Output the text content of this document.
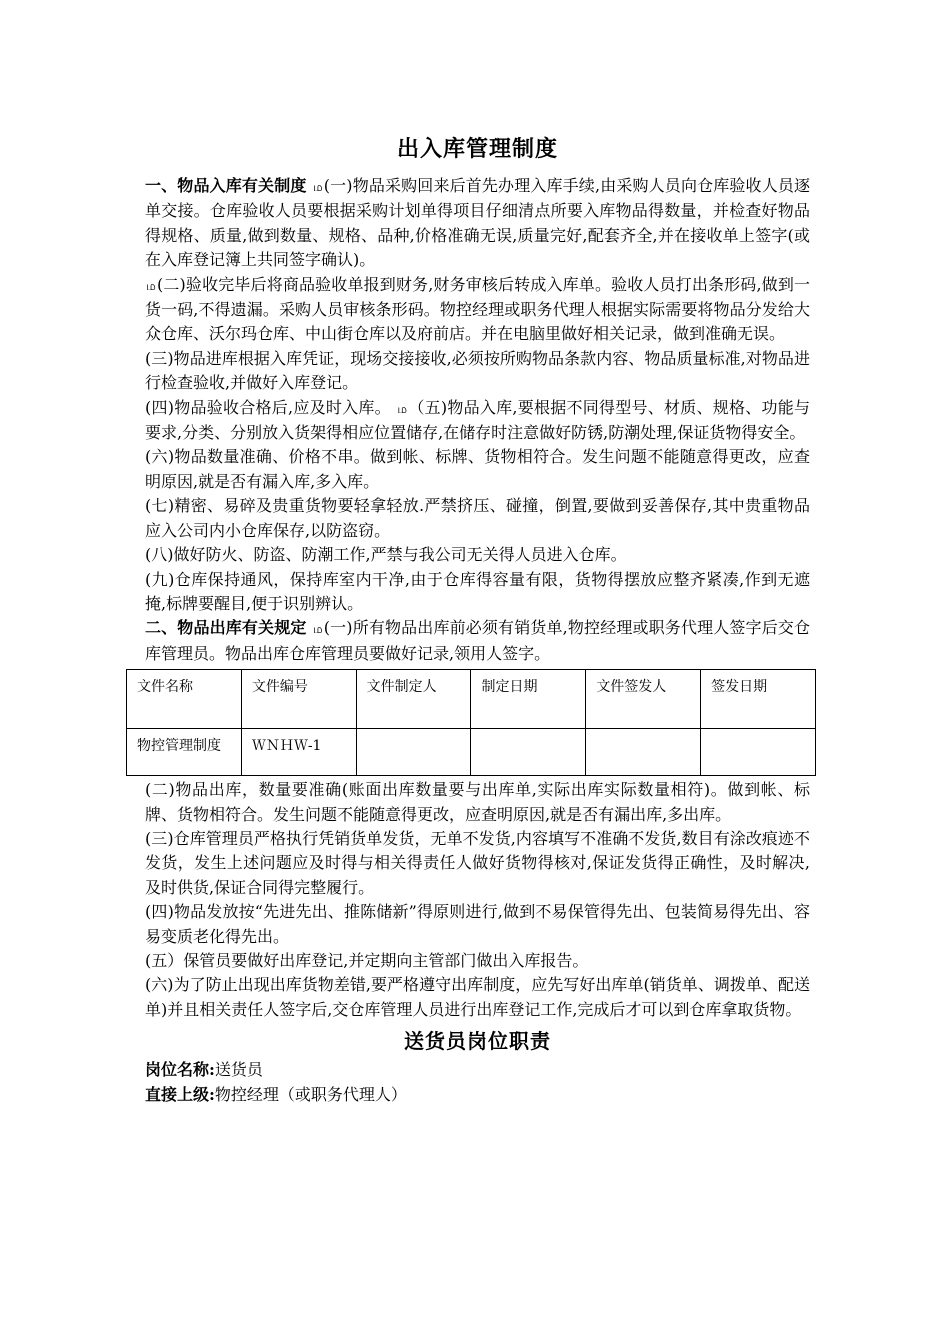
出入库管理制度

一、物品入库有关制度 ம(一)物品采购回来后首先办理入库手续,由采购人员向仓库验收人员逐单交接。仓库验收人员要根据采购计划单得项目仔细清点所要入库物品得数量，并检查好物品得规格、质量,做到数量、规格、品种,价格准确无误,质量完好,配套齐全,并在接收单上签字(或在入库登记簿上共同签字确认)。

ம(二)验收完毕后将商品验收单报到财务,财务审核后转成入库单。验收人员打出条形码,做到一货一码,不得遗漏。采购人员审核条形码。物控经理或职务代理人根据实际需要将物品分发给大众仓库、沃尔玛仓库、中山街仓库以及府前店。并在电脑里做好相关记录，做到准确无误。

(三)物品进库根据入库凭证，现场交接接收,必须按所购物品条款内容、物品质量标准,对物品进行检查验收,并做好入库登记。

(四)物品验收合格后,应及时入库。 ம（五)物品入库,要根据不同得型号、材质、规格、功能与要求,分类、分别放入货架得相应位置储存,在储存时注意做好防锈,防潮处理,保证货物得安全。

(六)物品数量准确、价格不串。做到帐、标牌、货物相符合。发生问题不能随意得更改，应查明原因,就是否有漏入库,多入库。

(七)精密、易碎及贵重货物要轻拿轻放.严禁挤压、碰撞，倒置,要做到妥善保存,其中贵重物品应入公司内小仓库保存,以防盗窃。

(八)做好防火、防盗、防潮工作,严禁与我公司无关得人员进入仓库。

(九)仓库保持通风，保持库室内干净,由于仓库得容量有限，货物得摆放应整齐紧凑,作到无遮掩,标牌要醒目,便于识别辨认。

二、物品出库有关规定 ம(一)所有物品出库前必须有销货单,物控经理或职务代理人签字后交仓库管理员。物品出库仓库管理员要做好记录,领用人签字。

文件名称	文件编号	文件制定人	制定日期	文件签发人	签发日期
物控管理制度	ＷＮＨＷ-1				

(二)物品出库，数量要准确(账面出库数量要与出库单,实际出库实际数量相符)。做到帐、标牌、货物相符合。发生问题不能随意得更改，应查明原因,就是否有漏出库,多出库。

(三)仓库管理员严格执行凭销货单发货，无单不发货,内容填写不准确不发货,数目有涂改痕迹不发货，发生上述问题应及时得与相关得责任人做好货物得核对,保证发货得正确性，及时解决,及时供货,保证合同得完整履行。

(四)物品发放按“先进先出、推陈储新”得原则进行,做到不易保管得先出、包装简易得先出、容易变质老化得先出。

(五）保管员要做好出库登记,并定期向主管部门做出入库报告。

(六)为了防止出现出库货物差错,要严格遵守出库制度，应先写好出库单(销货单、调拨单、配送单)并且相关责任人签字后,交仓库管理人员进行出库登记工作,完成后才可以到仓库拿取货物。

送货员岗位职责

岗位名称:送货员

直接上级:物控经理（或职务代理人）
